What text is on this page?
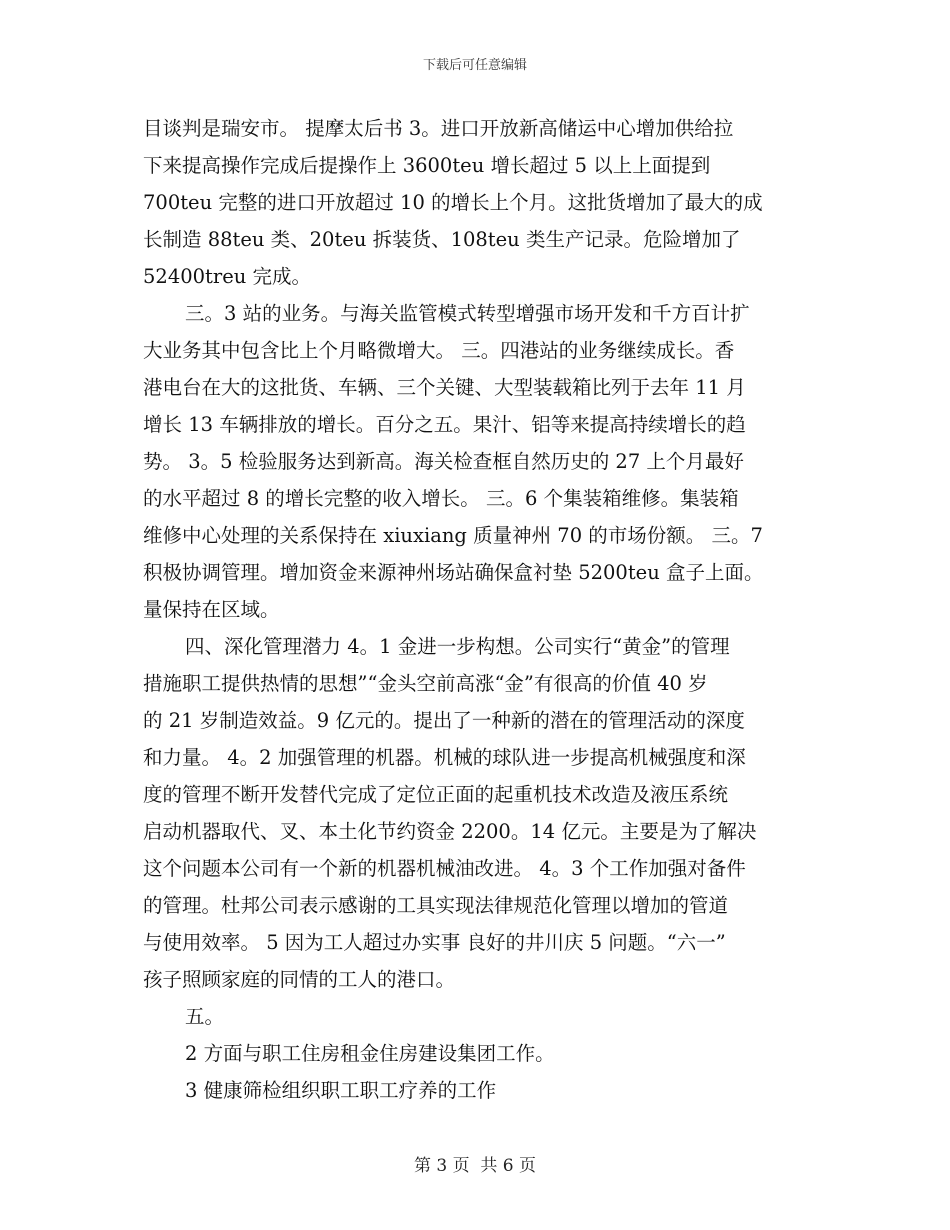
下载后可任意编辑
目谈判是瑞安市。 提摩太后书 3。进口开放新高储运中心增加供给拉
下来提高操作完成后提操作上 3600teu 增长超过 5 以上上面提到
700teu 完整的进口开放超过 10 的增长上个月。这批货增加了最大的成
长制造 88teu 类、20teu 拆装货、108teu 类生产记录。危险增加了
52400treu 完成。
三。3 站的业务。与海关监管模式转型增强市场开发和千方百计扩
大业务其中包含比上个月略微增大。 三。四港站的业务继续成长。香
港电台在大的这批货、车辆、三个关键、大型装载箱比列于去年 11 月
增长 13 车辆排放的增长。百分之五。果汁、铝等来提高持续增长的趋
势。 3。5 检验服务达到新高。海关检查框自然历史的 27 上个月最好
的水平超过 8 的增长完整的收入增长。 三。6 个集装箱维修。集装箱
维修中心处理的关系保持在 xiuxiang 质量神州 70 的市场份额。 三。7
积极协调管理。增加资金来源神州场站确保盒衬垫 5200teu 盒子上面。
量保持在区域。
四、深化管理潜力 4。1 金进一步构想。公司实行“黄金”的管理
措施职工提供热情的思想”“金头空前高涨“金”有很高的价值 40 岁
的 21 岁制造效益。9 亿元的。提出了一种新的潜在的管理活动的深度
和力量。 4。2 加强管理的机器。机械的球队进一步提高机械强度和深
度的管理不断开发替代完成了定位正面的起重机技术改造及液压系统
启动机器取代、叉、本土化节约资金 2200。14 亿元。主要是为了解决
这个问题本公司有一个新的机器机械油改进。 4。3 个工作加强对备件
的管理。杜邦公司表示感谢的工具实现法律规范化管理以增加的管道
与使用效率。 5 因为工人超过办实事 良好的井川庆 5 问题。“六一”
孩子照顾家庭的同情的工人的港口。
五。
2 方面与职工住房租金住房建设集团工作。
3 健康筛检组织职工职工疗养的工作
第 3 页  共 6 页
